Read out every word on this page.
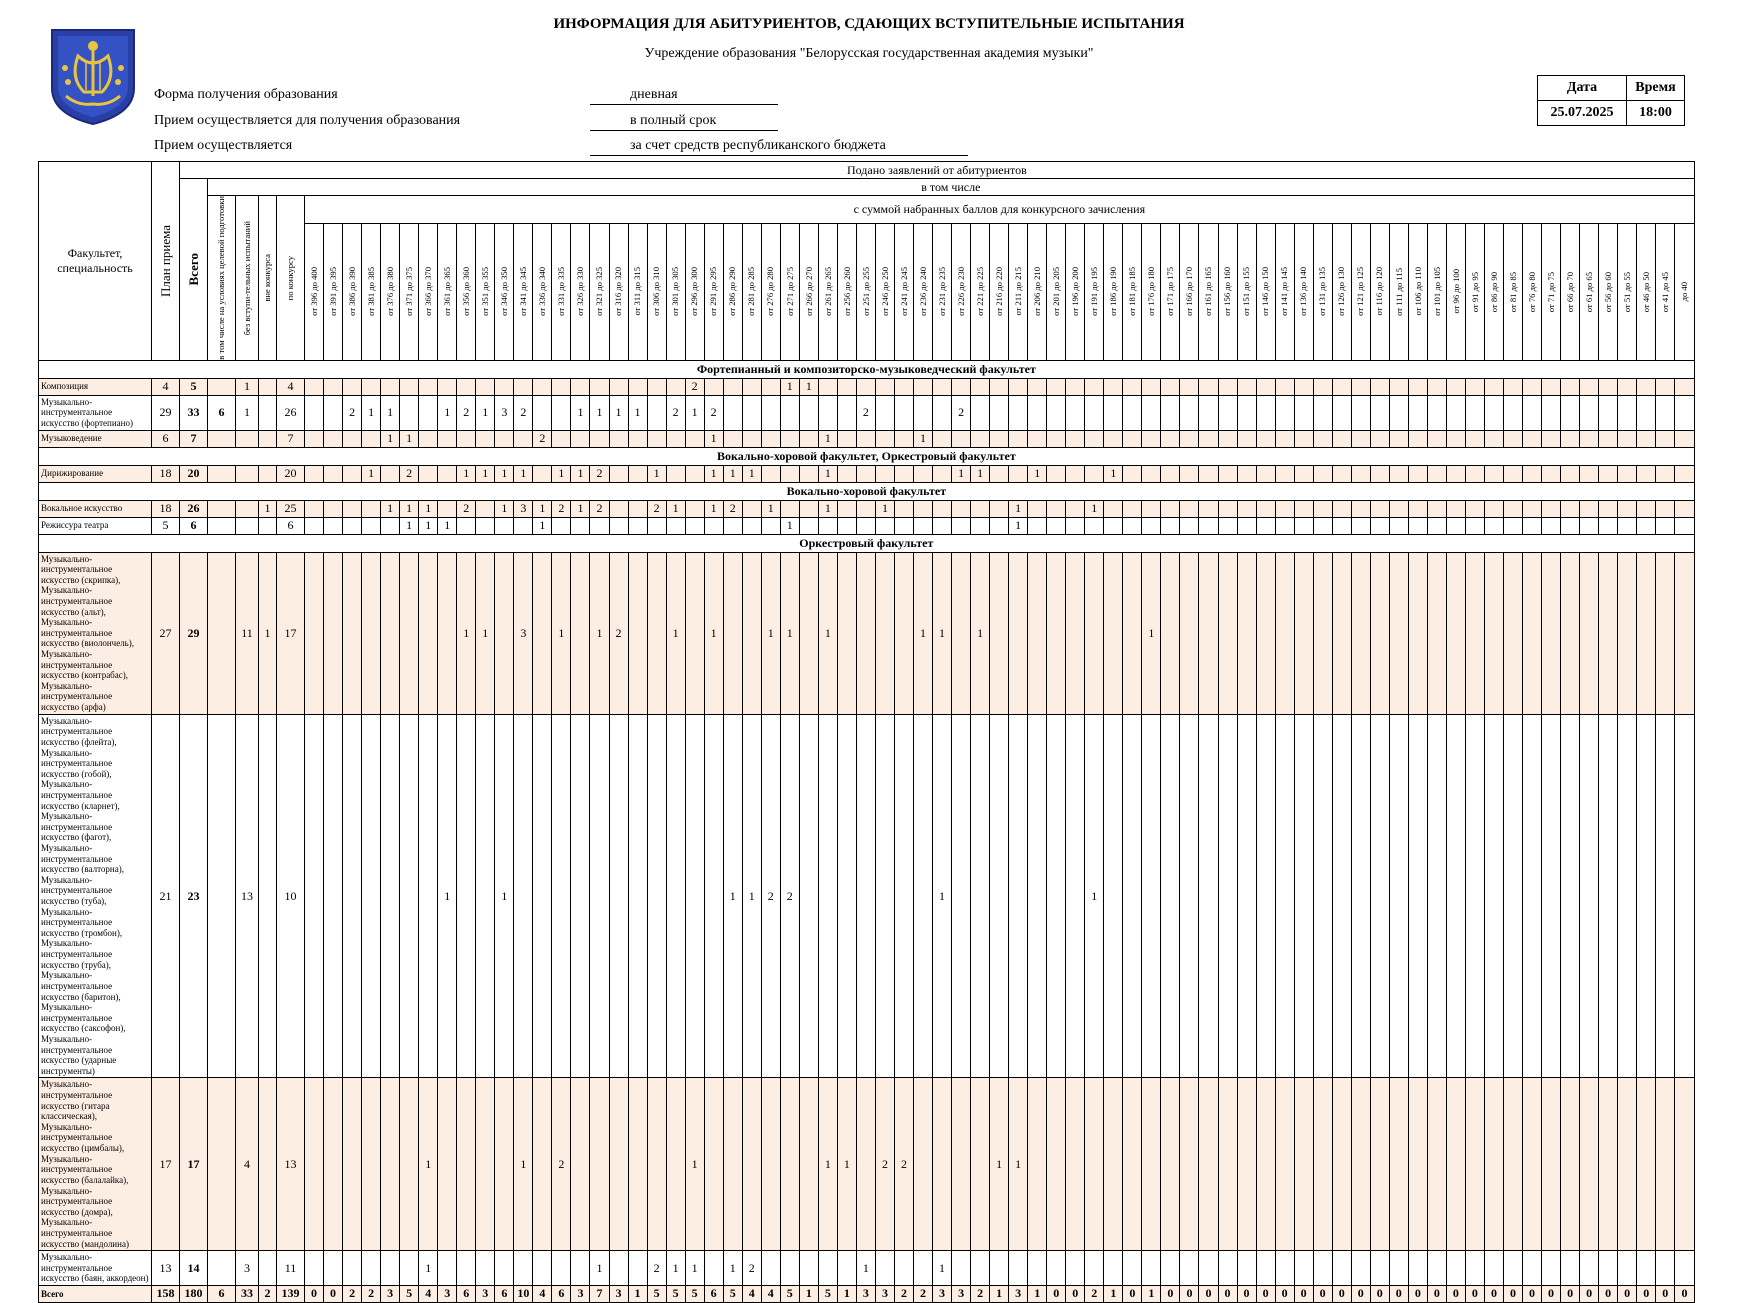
ИНФОРМАЦИЯ ДЛЯ АБИТУРИЕНТОВ, СДАЮЩИХ ВСТУПИТЕЛЬНЫЕ ИСПЫТАНИЯ
Учреждение образования "Белорусская государственная академия музыки"
Форма получения образования	дневная
Прием осуществляется для получения образования	в полный срок
Прием осуществляется	за счет средств республиканского бюджета
Дата	Время
25.07.2025	18:00
Факультет, специальность	План приема	Подано заявлений от абитуриентов

Всего	в том числе

в том числе на условиях целевой подготовки	без вступи-тельных испытаний	вне конкурса	по конкурсу	с суммой набранных баллов для конкурсного зачисления

от 396 до 400	от 391 до 395	от 386 до 390	от 381 до 385	от 376 до 380	от 371 до 375	от 366 до 370	от 361 до 365	от 356 до 360	от 351 до 355	от 346 до 350	от 341 до 345	от 336 до 340	от 331 до 335	от 326 до 330	от 321 до 325	от 316 до 320	от 311 до 315	от 306 до 310	от 301 до 305	от 296 до 300	от 291 до 295	от 286 до 290	от 281 до 285	от 276 до 280	от 271 до 275	от 266 до 270	от 261 до 265	от 256 до 260	от 251 до 255	от 246 до 250	от 241 до 245	от 236 до 240	от 231 до 235	от 226 до 230	от 221 до 225	от 216 до 220	от 211 до 215	от 206 до 210	от 201 до 205	от 196 до 200	от 191 до 195	от 186 до 190	от 181 до 185	от 176 до 180	от 171 до 175	от 166 до 170	от 161 до 165	от 156 до 160	от 151 до 155	от 146 до 150	от 141 до 145	от 136 до 140	от 131 до 135	от 126 до 130	от 121 до 125	от 116 до 120	от 111 до 115	от 106 до 110	от 101 до 105	от 96 до 100	от 91 до 95	от 86 до 90	от 81 до 85	от 76 до 80	от 71 до 75	от 66 до 70	от 61 до 65	от 56 до 60	от 51 до 55	от 46 до 50	от 41 до 45	до 40

Фортепианный и композиторско-музыковедческий факультет
Композиция	4	5		1		4																					2					1	1																																														
Музыкально-инструментальное искусство (фортепиано)	29	33	6	1		26			2	1	1			1	2	1	3	2			1	1	1	1		2	1	2								2					2																																						
Музыковедение	6	7				7					1	1							2									1						1					1																																								
Вокально-хоровой факультет, Оркестровый факультет
Дирижирование	18	20				20				1		2			1	1	1	1		1	1	2			1			1	1	1				1							1	1			1				1																														
Вокально-хоровой факультет
Вокальное искусство	18	26			1	25					1	1	1		2		1	3	1	2	1	2			2	1		1	2		1			1			1							1				1																															
Режиссура театра	5	6				6						1	1	1					1													1												1																																			
Оркестровый факультет
Музыкально-инструментальное искусство (скрипка), Музыкально-инструментальное искусство (альт), Музыкально-инструментальное искусство (виолончель), Музыкально-инструментальное искусство (контрабас), Музыкально-инструментальное искусство (арфа)	27	29		11	1	17									1	1		3		1		1	2			1		1			1	1		1					1	1		1									1																												
Музыкально-инструментальное искусство (флейта), Музыкально-инструментальное искусство (гобой), Музыкально-инструментальное искусство (кларнет), Музыкально-инструментальное искусство (фагот), Музыкально-инструментальное искусство (валторна), Музыкально-инструментальное искусство (туба), Музыкально-инструментальное искусство (тромбон), Музыкально-инструментальное искусство (труба), Музыкально-инструментальное искусство (баритон), Музыкально-инструментальное искусство (саксофон), Музыкально-инструментальное искусство (ударные инструменты)	21	23		13		10								1			1												1	1	2	2								1								1																															
Музыкально-инструментальное искусство (гитара классическая), Музыкально-инструментальное искусство (цимбалы), Музыкально-инструментальное искусство (балалайка), Музыкально-инструментальное искусство (домра), Музыкально-инструментальное искусство (мандолина)	17	17		4		13							1					1		2							1							1	1		2	2					1	1																																			
Музыкально-инструментальное искусство (баян, аккордеон)	13	14		3		11							1									1			2	1	1		1	2						1				1																																							
Всего	158	180	6	33	2	139	0	0	2	2	3	5	4	3	6	3	6	10	4	6	3	7	3	1	5	5	5	6	5	4	4	5	1	5	1	3	3	2	2	3	3	2	1	3	1	0	0	2	1	0	1	0	0	0	0	0	0	0	0	0	0	0	0	0	0	0	0	0	0	0	0	0	0	0	0	0	0	0	0
